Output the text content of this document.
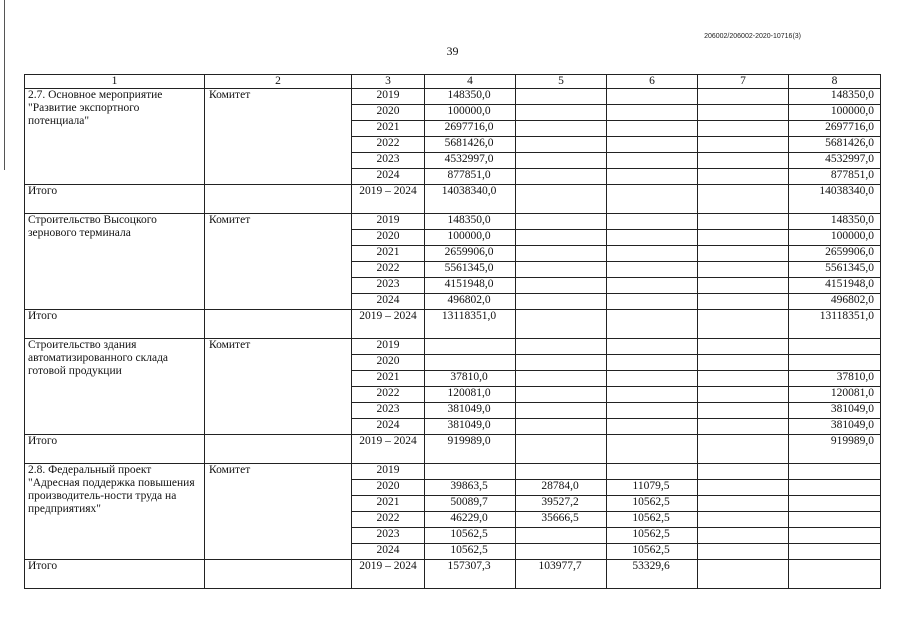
206002/206002-2020-10716(3)
39
1	2	3	4	5	6	7	8
2.7. Основное мероприятие "Развитие экспортного потенциала"	Комитет	2019	148350,0				148350,0
		2020	100000,0				100000,0
		2021	2697716,0				2697716,0
		2022	5681426,0				5681426,0
		2023	4532997,0				4532997,0
		2024	877851,0				877851,0
Итого		2019 – 2024	14038340,0				14038340,0
Строительство Высоцкого зернового терминала	Комитет	2019	148350,0				148350,0
		2020	100000,0				100000,0
		2021	2659906,0				2659906,0
		2022	5561345,0				5561345,0
		2023	4151948,0				4151948,0
		2024	496802,0				496802,0
Итого		2019 – 2024	13118351,0				13118351,0
Строительство здания автоматизированного склада готовой продукции	Комитет	2019					
		2020					
		2021	37810,0				37810,0
		2022	120081,0				120081,0
		2023	381049,0				381049,0
		2024	381049,0				381049,0
Итого		2019 – 2024	919989,0				919989,0
2.8. Федеральный проект "Адресная поддержка повышения производитель-ности труда на предприятиях"	Комитет	2019					
		2020	39863,5	28784,0	11079,5		
		2021	50089,7	39527,2	10562,5		
		2022	46229,0	35666,5	10562,5		
		2023	10562,5		10562,5		
		2024	10562,5		10562,5		
Итого		2019 – 2024	157307,3	103977,7	53329,6		
